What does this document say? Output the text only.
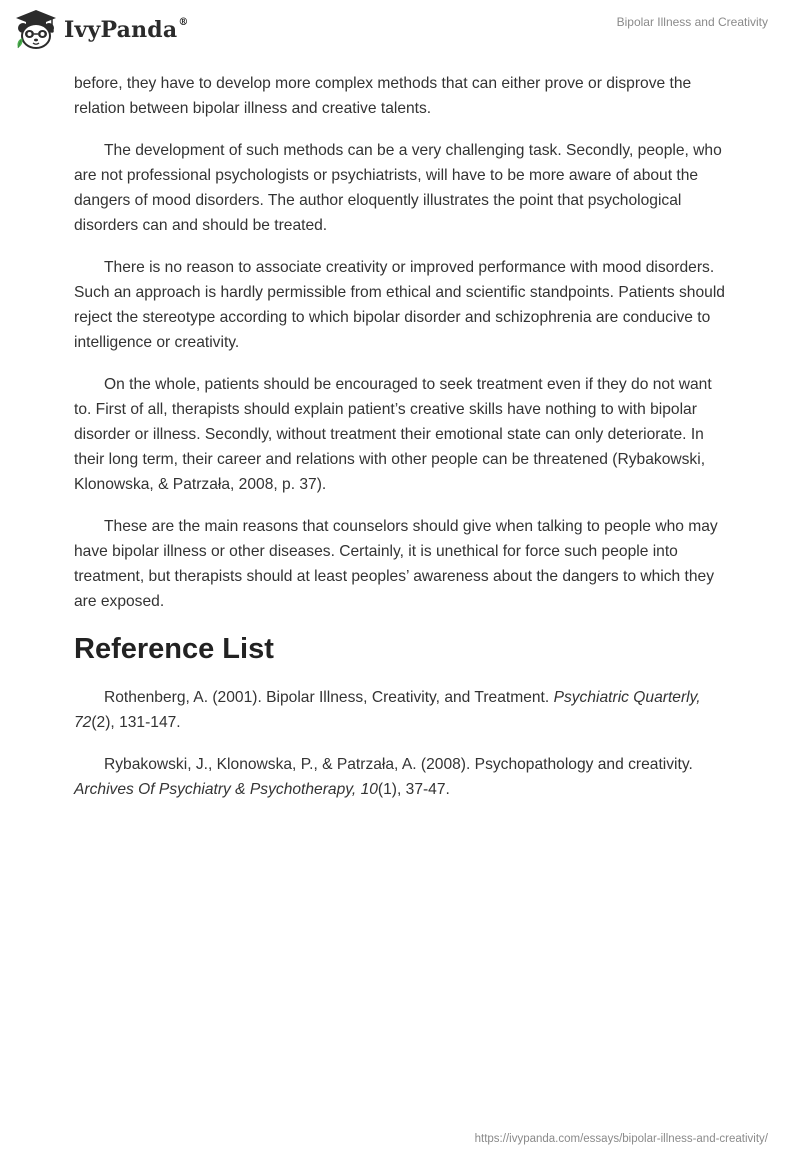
IvyPanda®	Bipolar Illness and Creativity

before, they have to develop more complex methods that can either prove or disprove the relation between bipolar illness and creative talents.

The development of such methods can be a very challenging task. Secondly, people, who are not professional psychologists or psychiatrists, will have to be more aware of about the dangers of mood disorders. The author eloquently illustrates the point that psychological disorders can and should be treated.

There is no reason to associate creativity or improved performance with mood disorders. Such an approach is hardly permissible from ethical and scientific standpoints. Patients should reject the stereotype according to which bipolar disorder and schizophrenia are conducive to intelligence or creativity.

On the whole, patients should be encouraged to seek treatment even if they do not want to. First of all, therapists should explain patient’s creative skills have nothing to with bipolar disorder or illness. Secondly, without treatment their emotional state can only deteriorate. In their long term, their career and relations with other people can be threatened (Rybakowski, Klonowska, & Patrzała, 2008, p. 37).

These are the main reasons that counselors should give when talking to people who may have bipolar illness or other diseases. Certainly, it is unethical for force such people into treatment, but therapists should at least peoples’ awareness about the dangers to which they are exposed.

Reference List

Rothenberg, A. (2001). Bipolar Illness, Creativity, and Treatment. Psychiatric Quarterly, 72(2), 131-147.

Rybakowski, J., Klonowska, P., & Patrzała, A. (2008). Psychopathology and creativity. Archives Of Psychiatry & Psychotherapy, 10(1), 37-47.

https://ivypanda.com/essays/bipolar-illness-and-creativity/
